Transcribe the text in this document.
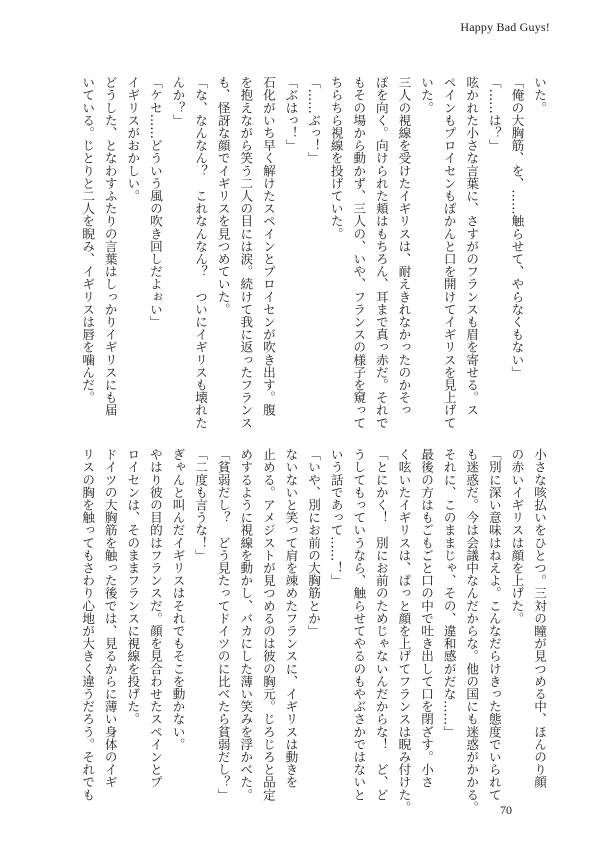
Happy Bad Guys!

いた。

「俺の大胸筋、を、……触らせて、やらなくもない」

「……は？」

呟かれた小さな言葉に、さすがのフランスも眉を寄せる。ス

ペインもプロイセンもぽかんと口を開けてイギリスを見上げて

いた。

三人の視線を受けたイギリスは、耐えきれなかったのかそっ

ぽを向く。向けられた頬はもちろん、耳まで真っ赤だ。それで

もその場から動かず、三人の、いや、フランスの様子を窺って

ちらちら視線を投げていた。

「……ぶっ！」

「ぶはっ！」

石化がいち早く解けたスペインとプロイセンが吹き出す。腹

を抱えながら笑う二人の目には涙。続けて我に返ったフランス

も、怪訝な顔でイギリスを見つめていた。

「な、なんなん？　これなんなん？　ついにイギリスも壊れた

んか？」

「ケセ……どういう風の吹き回しだよぉい」

イギリスがおかしい。

どうした、となわすふたりの言葉はしっかりイギリスにも届

いている。じとりと二人を睨み、イギリスは唇を噛んだ。

小さな咳払いをひとつ。三対の瞳が見つめる中、ほんのり顔

の赤いイギリスは顔を上げた。

「別に深い意味はねえよ。こんなだらけきった態度でいられて

も迷惑だ。今は会議中なんだからな。他の国にも迷惑がかかる。

それに、このままじゃ、その、違和感がだな……」

最後の方はもごもごと口の中で吐き出して口を閉ざす。小さ

く呟いたイギリスは、ぱっと顔を上げてフランスは睨み付けた。

「とにかく！　別にお前のためじゃないんだからな！　ど、ど

うしてもっていうなら、触らせてやるのもやぶさかではないと

いう話であって……！」

「いや、別にお前の大胸筋とか」

ないないと笑って肩を竦めたフランスに、イギリスは動きを

止める。アメジストが見つめるのは彼の胸元。じろじろと品定

めするように視線を動かし、バカにした薄い笑みを浮かべた。

「貧弱だし？　どう見たってドイツのに比べたら貧弱だし？」

「二度も言うな！」

ぎゃんと叫んだイギリスはそれでもそこを動かない。

やはり彼の目的はフランスだ。顔を見合わせたスペインとプ

ロイセンは、そのままフランスに視線を投げた。

ドイツの大胸筋を触った後では、見るからに薄い身体のイギ

リスの胸を触ってもさわり心地が大きく違うだろう。それでも

70
